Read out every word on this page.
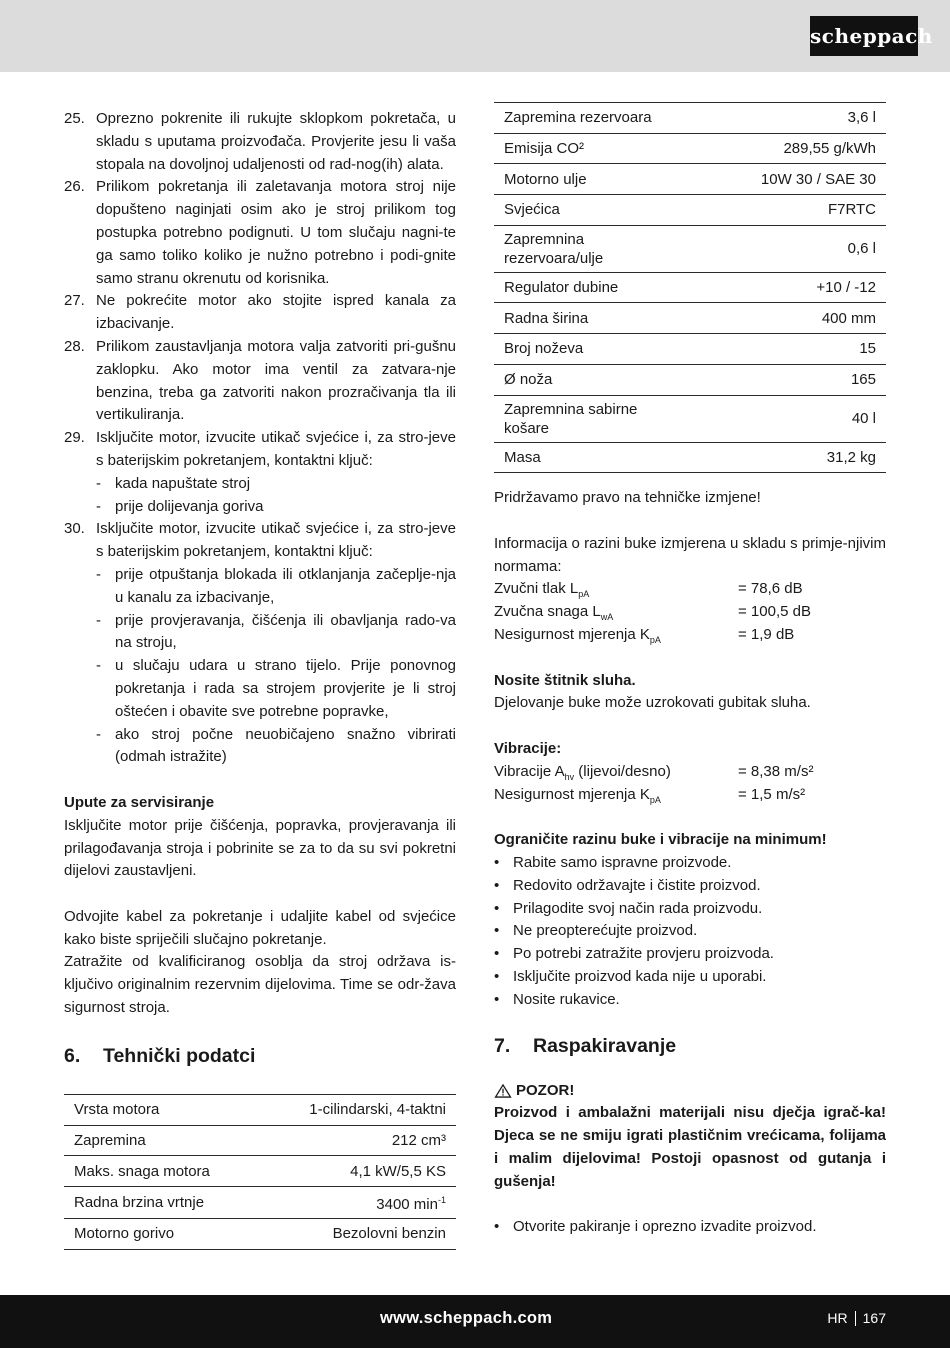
scheppach
25. Oprezno pokrenite ili rukujte sklopkom pokretača, u skladu s uputama proizvođača. Provjerite jesu li vaša stopala na dovoljnoj udaljenosti od rad-nog(ih) alata.
26. Prilikom pokretanja ili zaletavanja motora stroj nije dopušteno naginjati osim ako je stroj prilikom tog postupka potrebno podignuti. U tom slučaju nagni-te ga samo toliko koliko je nužno potrebno i podi-gnite samo stranu okrenutu od korisnika.
27. Ne pokrećite motor ako stojite ispred kanala za izbacivanje.
28. Prilikom zaustavljanja motora valja zatvoriti pri-gušnu zaklopku. Ako motor ima ventil za zatvara-nje benzina, treba ga zatvoriti nakon prozračivanja tla ili vertikuliranja.
29. Isključite motor, izvucite utikač svjećice i, za stro-jeve s baterijskim pokretanjem, kontaktni ključ:
- kada napuštate stroj
- prije dolijevanja goriva
30. Isključite motor, izvucite utikač svjećice i, za stro-jeve s baterijskim pokretanjem, kontaktni ključ:
- prije otpuštanja blokada ili otklanjanja začeplje-nja u kanalu za izbacivanje,
- prije provjeravanja, čišćenja ili obavljanja rado-va na stroju,
- u slučaju udara u strano tijelo. Prije ponovnog pokretanja i rada sa strojem provjerite je li stroj oštećen i obavite sve potrebne popravke,
- ako stroj počne neuobičajeno snažno vibrirati (odmah istražite)
Upute za servisiranje
Isključite motor prije čišćenja, popravka, provjeravanja ili prilagođavanja stroja i pobrinite se za to da su svi pokretni dijelovi zaustavljeni.
Odvojite kabel za pokretanje i udaljite kabel od svjećice kako biste spriječili slučajno pokretanje.
Zatražite od kvalificiranog osoblja da stroj održava is-ključivo originalnim rezervnim dijelovima. Time se odr-žava sigurnost stroja.
6.	Tehnički podatci
Vrsta motora	1-cilindarski, 4-taktni
Zapremina	212 cm³
Maks. snaga motora	4,1 kW/5,5 KS
Radna brzina vrtnje	3400 $\min^{-1}$
Motorno gorivo	Bezolovni benzin
Zapremina rezervoara	3,6 l
Emisija CO²	289,55 g/kWh
Motorno ulje	10W 30 / SAE 30
Svjećica	F7RTC
Zapremnina rezervoara/ulje	0,6 l
Regulator dubine	+10 / -12
Radna širina	400 mm
Broj noževa	15
Ø noža	165
Zapremnina sabirne košare	40 l
Masa	31,2 kg
Pridržavamo pravo na tehničke izmjene!
Informacija o razini buke izmjerena u skladu s primje-njivim normama:
Zvučni tlak $L_{pA}$	= 78,6 dB
Zvučna snaga $L_{wA}$	= 100,5 dB
Nesigurnost mjerenja $K_{pA}$	= 1,9 dB
Nosite štitnik sluha.
Djelovanje buke može uzrokovati gubitak sluha.
Vibracije:
Vibracije $A_{hv}$ (lijevoi/desno)	= 8,38 m/s²
Nesigurnost mjerenja $K_{pA}$	= 1,5 m/s²
Ograničite razinu buke i vibracije na minimum!
• Rabite samo ispravne proizvode.
• Redovito održavajte i čistite proizvod.
• Prilagodite svoj način rada proizvodu.
• Ne preopterećujte proizvod.
• Po potrebi zatražite provjeru proizvoda.
• Isključite proizvod kada nije u uporabi.
• Nosite rukavice.
7.	Raspakiravanje
POZOR!
Proizvod i ambalažni materijali nisu dječja igrač-ka! Djeca se ne smiju igrati plastičnim vrećicama, folijama i malim dijelovima! Postoji opasnost od gutanja i gušenja!
• Otvorite pakiranje i oprezno izvadite proizvod.
www.scheppach.com	HR 167
